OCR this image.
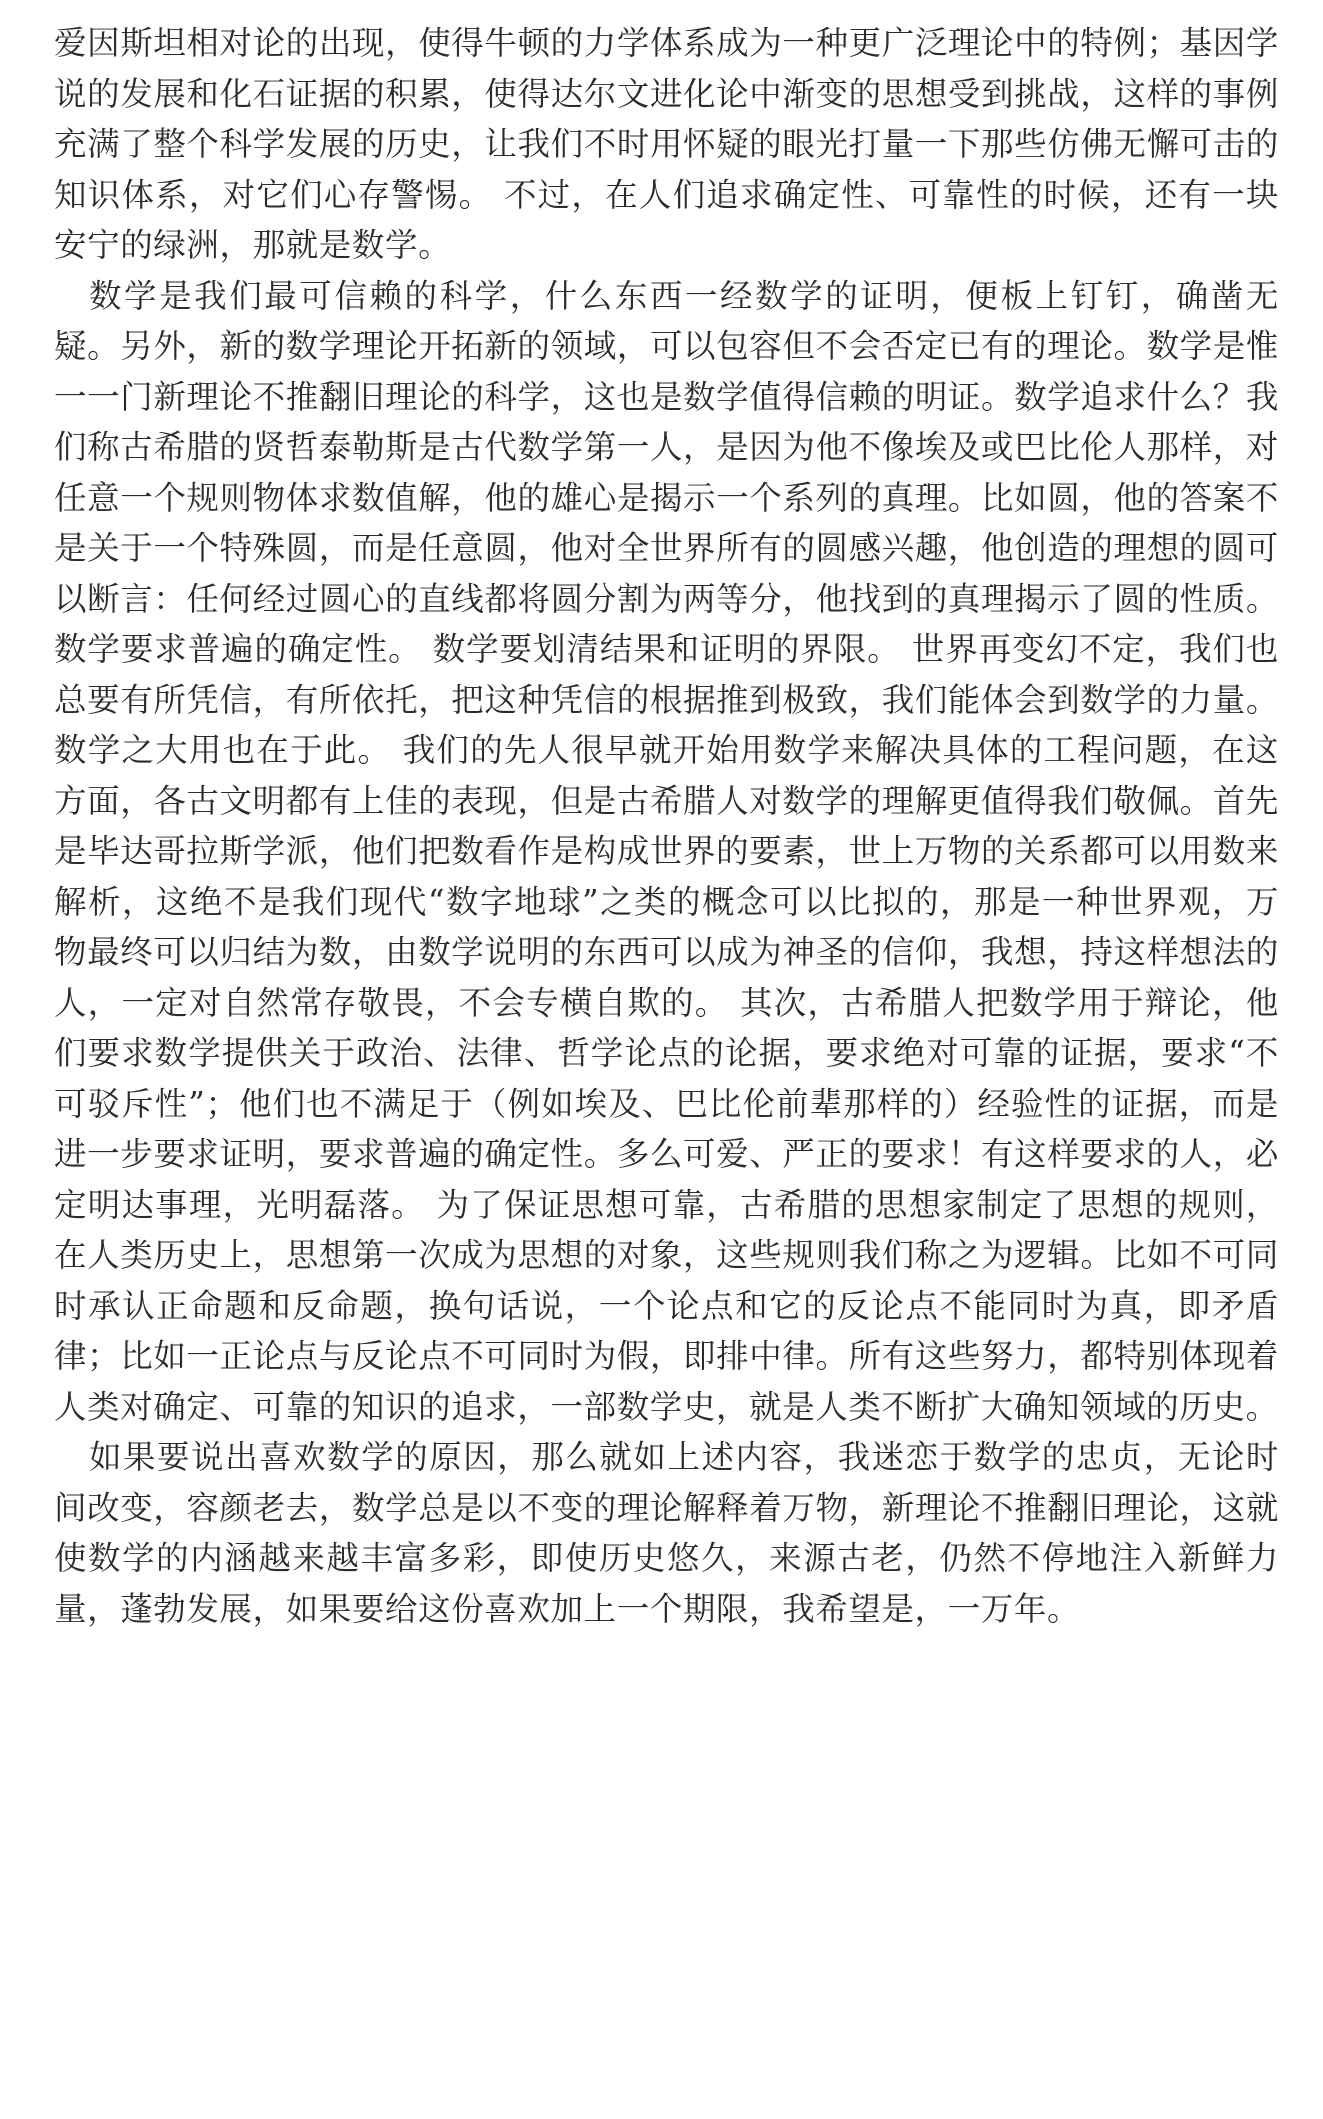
爱因斯坦相对论的出现，使得牛顿的力学体系成为一种更广泛理论中的特例；基因学说的发展和化石证据的积累，使得达尔文进化论中渐变的思想受到挑战，这样的事例充满了整个科学发展的历史，让我们不时用怀疑的眼光打量一下那些仿佛无懈可击的知识体系，对它们心存警惕。 不过，在人们追求确定性、可靠性的时候，还有一块安宁的绿洲，那就是数学。

数学是我们最可信赖的科学，什么东西一经数学的证明，便板上钉钉，确凿无疑。另外，新的数学理论开拓新的领域，可以包容但不会否定已有的理论。数学是惟一一门新理论不推翻旧理论的科学，这也是数学值得信赖的明证。数学追求什么？我们称古希腊的贤哲泰勒斯是古代数学第一人，是因为他不像埃及或巴比伦人那样，对任意一个规则物体求数值解，他的雄心是揭示一个系列的真理。比如圆，他的答案不是关于一个特殊圆，而是任意圆，他对全世界所有的圆感兴趣，他创造的理想的圆可以断言：任何经过圆心的直线都将圆分割为两等分，他找到的真理揭示了圆的性质。 数学要求普遍的确定性。 数学要划清结果和证明的界限。 世界再变幻不定，我们也总要有所凭信，有所依托，把这种凭信的根据推到极致，我们能体会到数学的力量。数学之大用也在于此。 我们的先人很早就开始用数学来解决具体的工程问题，在这方面，各古文明都有上佳的表现，但是古希腊人对数学的理解更值得我们敬佩。首先是毕达哥拉斯学派，他们把数看作是构成世界的要素，世上万物的关系都可以用数来解析，这绝不是我们现代“数字地球”之类的概念可以比拟的，那是一种世界观，万物最终可以归结为数，由数学说明的东西可以成为神圣的信仰，我想，持这样想法的人，一定对自然常存敬畏，不会专横自欺的。 其次，古希腊人把数学用于辩论，他们要求数学提供关于政治、法律、哲学论点的论据，要求绝对可靠的证据，要求“不可驳斥性”；他们也不满足于（例如埃及、巴比伦前辈那样的）经验性的证据，而是进一步要求证明，要求普遍的确定性。多么可爱、严正的要求！有这样要求的人，必定明达事理，光明磊落。 为了保证思想可靠，古希腊的思想家制定了思想的规则，在人类历史上，思想第一次成为思想的对象，这些规则我们称之为逻辑。比如不可同时承认正命题和反命题，换句话说，一个论点和它的反论点不能同时为真，即矛盾律；比如一正论点与反论点不可同时为假，即排中律。所有这些努力，都特别体现着人类对确定、可靠的知识的追求，一部数学史，就是人类不断扩大确知领域的历史。

如果要说出喜欢数学的原因，那么就如上述内容，我迷恋于数学的忠贞，无论时间改变，容颜老去，数学总是以不变的理论解释着万物，新理论不推翻旧理论，这就使数学的内涵越来越丰富多彩，即使历史悠久，来源古老，仍然不停地注入新鲜力量，蓬勃发展，如果要给这份喜欢加上一个期限，我希望是，一万年。
